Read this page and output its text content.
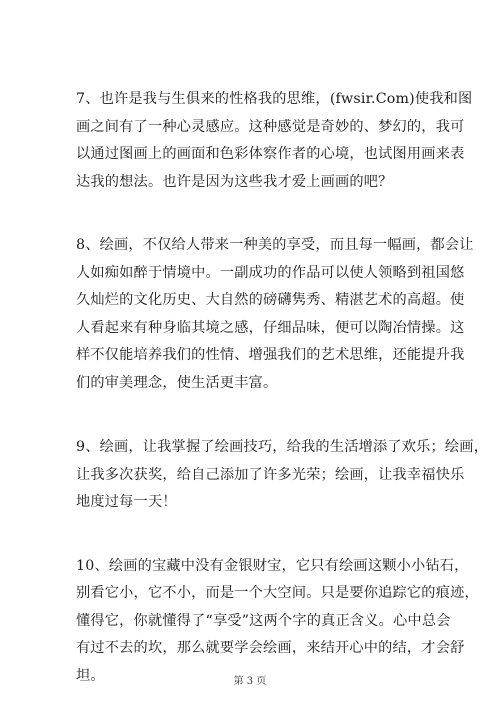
7、也许是我与生俱来的性格我的思维，(fwsir.Com)使我和图
画之间有了一种心灵感应。这种感觉是奇妙的、梦幻的，我可
以通过图画上的画面和色彩体察作者的心境，也试图用画来表
达我的想法。也许是因为这些我才爱上画画的吧？

8、绘画，不仅给人带来一种美的享受，而且每一幅画，都会让
人如痴如醉于情境中。一副成功的作品可以使人领略到祖国悠
久灿烂的文化历史、大自然的磅礴隽秀、精湛艺术的高超。使
人看起来有种身临其境之感，仔细品味，便可以陶冶情操。这
样不仅能培养我们的性情、增强我们的艺术思维，还能提升我
们的审美理念，使生活更丰富。

9、绘画，让我掌握了绘画技巧，给我的生活增添了欢乐；绘画，
让我多次获奖，给自己添加了许多光荣；绘画，让我幸福快乐
地度过每一天！

10、绘画的宝藏中没有金银财宝，它只有绘画这颗小小钻石，
别看它小，它不小，而是一个大空间。只是要你追踪它的痕迹，
懂得它，你就懂得了“享受”这两个字的真正含义。心中总会
有过不去的坎，那么就要学会绘画，来结开心中的结，才会舒
坦。	第 3 页
